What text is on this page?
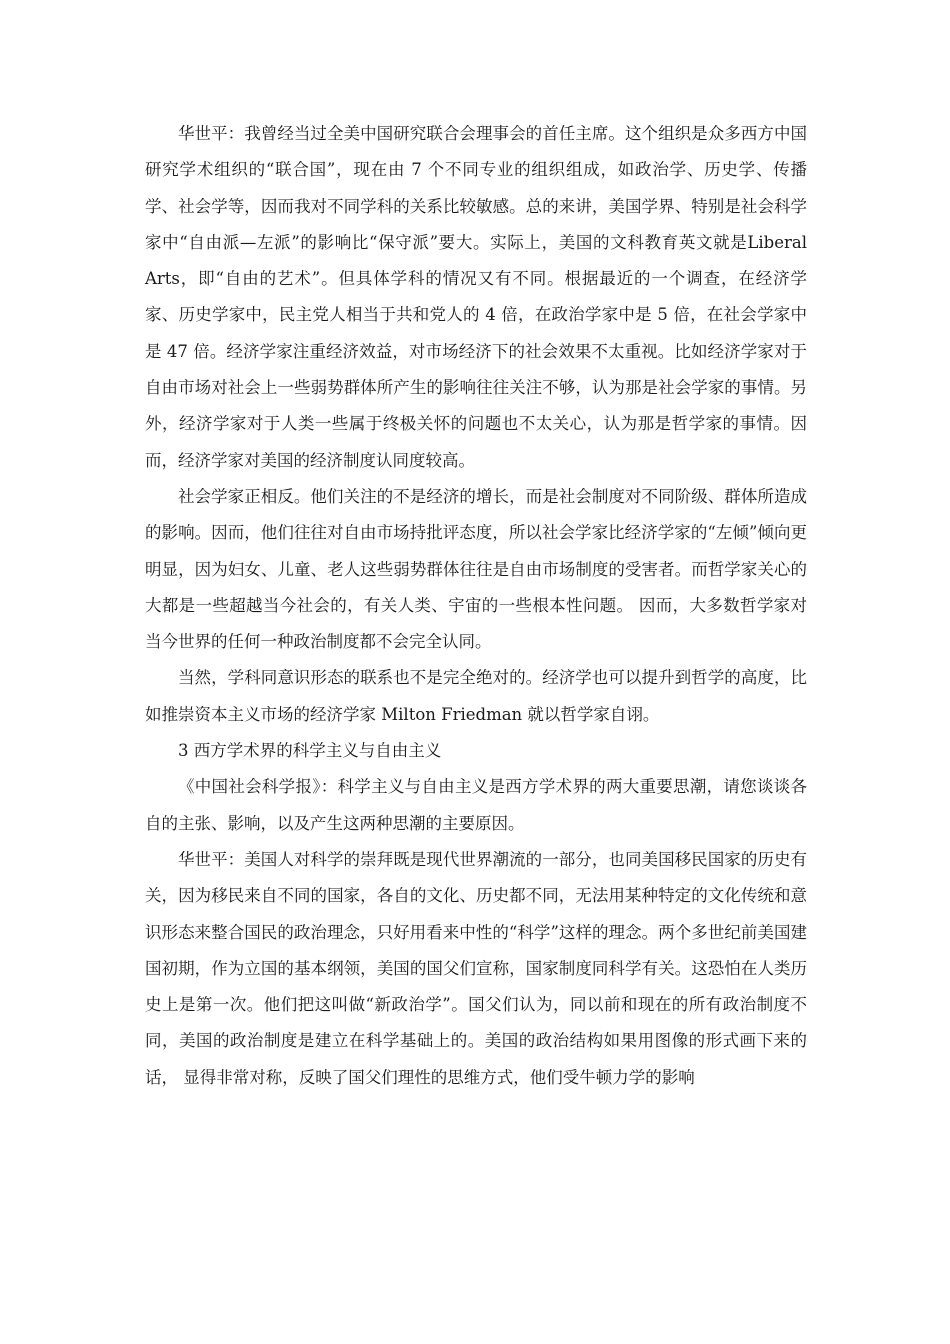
华世平：我曾经当过全美中国研究联合会理事会的首任主席。这个组织是众多西方中国研究学术组织的“联合国”，现在由 7 个不同专业的组织组成，如政治学、历史学、传播学、社会学等，因而我对不同学科的关系比较敏感。总的来讲，美国学界、特别是社会科学家中“自由派—左派”的影响比“保守派”要大。实际上，美国的文科教育英文就是Liberal Arts，即“自由的艺术”。但具体学科的情况又有不同。根据最近的一个调查，在经济学家、历史学家中，民主党人相当于共和党人的 4 倍，在政治学家中是 5 倍，在社会学家中是 47 倍。经济学家注重经济效益，对市场经济下的社会效果不太重视。比如经济学家对于自由市场对社会上一些弱势群体所产生的影响往往关注不够，认为那是社会学家的事情。另外，经济学家对于人类一些属于终极关怀的问题也不太关心，认为那是哲学家的事情。因而，经济学家对美国的经济制度认同度较高。

社会学家正相反。他们关注的不是经济的增长，而是社会制度对不同阶级、群体所造成的影响。因而，他们往往对自由市场持批评态度，所以社会学家比经济学家的“左倾”倾向更明显，因为妇女、儿童、老人这些弱势群体往往是自由市场制度的受害者。而哲学家关心的大都是一些超越当今社会的，有关人类、宇宙的一些根本性问题。 因而，大多数哲学家对当今世界的任何一种政治制度都不会完全认同。

当然，学科同意识形态的联系也不是完全绝对的。经济学也可以提升到哲学的高度，比如推崇资本主义市场的经济学家 Milton Friedman 就以哲学家自诩。

3 西方学术界的科学主义与自由主义

《中国社会科学报》：科学主义与自由主义是西方学术界的两大重要思潮，请您谈谈各自的主张、影响，以及产生这两种思潮的主要原因。

华世平：美国人对科学的崇拜既是现代世界潮流的一部分，也同美国移民国家的历史有关，因为移民来自不同的国家，各自的文化、历史都不同，无法用某种特定的文化传统和意识形态来整合国民的政治理念，只好用看来中性的“科学”这样的理念。两个多世纪前美国建国初期，作为立国的基本纲领，美国的国父们宣称，国家制度同科学有关。这恐怕在人类历史上是第一次。他们把这叫做“新政治学”。国父们认为，同以前和现在的所有政治制度不同，美国的政治制度是建立在科学基础上的。美国的政治结构如果用图像的形式画下来的话， 显得非常对称，反映了国父们理性的思维方式，他们受牛顿力学的影响
